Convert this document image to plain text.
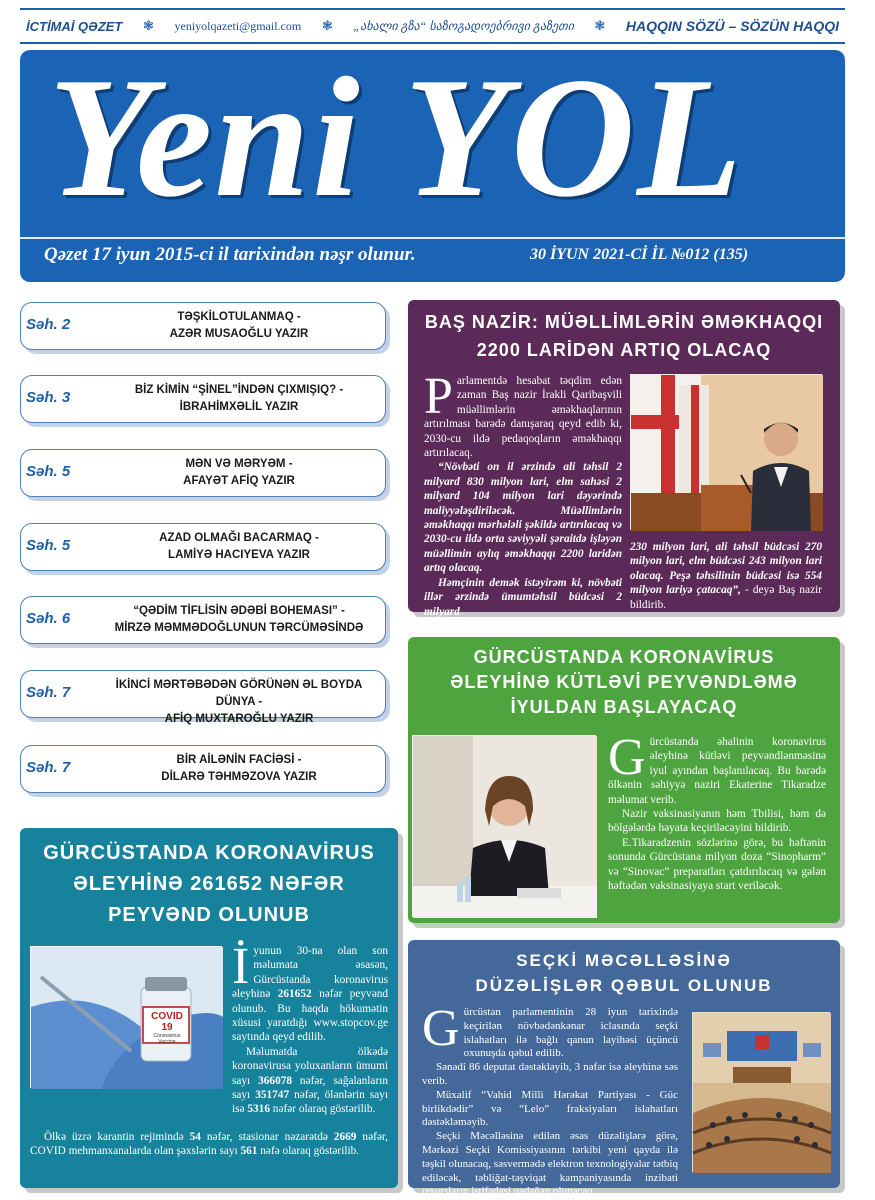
İCTİMAİ QƏZET ❃ yeniyolqazeti@gmail.com ❃ „ახალი გზა“ საზოგადოებრივი გაზეთი ❃ HAQQIN SÖZÜ – SÖZÜN HAQQI
Yeni YOL
Qəzet 17 iyun 2015-ci il tarixindən nəşr olunur.	30 İYUN 2021-Cİ İL №012 (135)
Səh. 2	TƏŞKİLOTULANMAQ -
AZƏR MUSAOĞLU YAZIR
Səh. 3	BİZ KİMİN “ŞİNEL”İNDƏN ÇIXMIŞIQ? -
İBRAHİMXƏLİL YAZIR
Səh. 5	MƏN VƏ MƏRYƏM -
AFAYƏT AFİQ YAZIR
Səh. 5	AZAD OLMAĞI BACARMAQ -
LAMİYƏ HACIYEVA YAZIR
Səh. 6	“QƏDİM TİFLİSİN ƏDƏBİ BOHEMASI” -
MİRZƏ MƏMMƏDOĞLUNUN TƏRCÜMƏSİNDƏ
Səh. 7	İKİNCİ MƏRTƏBƏDƏN GÖRÜNƏN ƏL BOYDA DÜNYA -
AFİQ MUXTAROĞLU YAZIR
Səh. 7	BİR AİLƏNİN FACİƏSİ -
DİLARƏ TƏHMƏZOVA YAZIR
BAŞ NAZİR: MÜƏLLİMLƏRİN ƏMƏKHAQQI
2200 LARİDƏN ARTIQ OLACAQ

Parlamentdə hesabat təqdim edən zaman Baş nazir İrakli Qaribaşvili müəllimlərin əməkhaqlarının artırılması barədə danışaraq qeyd edib ki, 2030-cu ildə pedaqoqların əməkhaqqı artırılacaq.

“Növbəti on il ərzində ali təhsil 2 milyard 830 milyon lari, elm sahəsi 2 milyard 104 milyon lari dəyərində maliyyələşdiriləcək. Müəllimlərin əməkhaqqı mərhələli şəkildə artırılacaq və 2030-cu ildə orta səviyyəli şəraitdə işləyən müəllimin aylıq əməkhaqqı 2200 laridən artıq olacaq.

Həmçinin demək istəyirəm ki, növbəti illər ərzində ümumtəhsil büdcəsi 2 milyard

230 milyon lari, ali təhsil büdcəsi 270 milyon lari, elm büdcəsi 243 milyon lari olacaq. Peşə təhsilinin büdcəsi isə 554 milyon lariyə çatacaq”, - deyə Baş nazir bildirib.
GÜRCÜSTANDA KORONAVİRUS
ƏLEYHİNƏ KÜTLƏVİ PEYVƏNDLƏMƏ
İYULDAN BAŞLAYACAQ

Gürcüstanda əhalinin koronavirus əleyhinə kütləvi peyvəndlənməsinə iyul ayından başlanılacaq. Bu barədə ölkənin səhiyyə naziri Ekaterine Tikaradze məlumat verib.

Nazir vaksinasiyanın həm Tbilisi, həm də bölgələrdə həyata keçiriləcəyini bildirib.

E.Tikaradzenin sözlərinə görə, bu həftənin sonunda Gürcüstana milyon doza “Sinopharm” və “Sinovac” preparatları çatdırılacaq və gələn həftədən vaksinasiyaya start veriləcək.

GÜRCÜSTANDA KORONAVİRUS
ƏLEYHİNƏ 261652 NƏFƏR
PEYVƏND OLUNUB
COVID 19
Coronavirus Vaccine

İyunun 30-na olan son məlumata əsasən, Gürcüstanda koronavirus əleyhinə 261652 nəfər peyvənd olunub. Bu haqda hökumətin xüsusi yaratdığı www.stopcov.ge saytında qeyd edilib.

Məlumatda ölkədə koronavirusa yoluxanların ümumi sayı 366078 nəfər, sağalanların sayı 351747 nəfər, ölənlərin sayı isə 5316 nəfər olaraq göstərilib.

Ölkə üzrə karantin rejimində 54 nəfər, stasionar nəzarətdə 2669 nəfər, COVID mehmanxanalarda olan şəxslərin sayı 561 nəfə olaraq göstərilib.

SEÇKİ MƏCƏLLƏSİNƏ
DÜZƏLİŞLƏR QƏBUL OLUNUB

Gürcüstan parlamentinin 28 iyun tarixində keçirilən növbədənkənar iclasında seçki islahatları ilə bağlı qanun layihəsi üçüncü oxunuşda qəbul edilib.

Sənədi 86 deputat dəstəkləyib, 3 nəfər isə əleyhinə səs verib.

Müxalif “Vahid Milli Hərəkat Partiyası - Güc birlikdədir” və “Lelo” fraksiyaları islahatları dəstəkləməyib.

Seçki Məcəlləsinə edilən əsas düzəlişlərə görə, Mərkəzi Seçki Komissiyasının tərkibi yeni qayda ilə təşkil olunacaq, səsvermədə elektron texnologiyalar tətbiq ediləcək, təbliğat-təşviqat kampaniyasında inzibati resursların istifadəsi qadağan olunacaq.
